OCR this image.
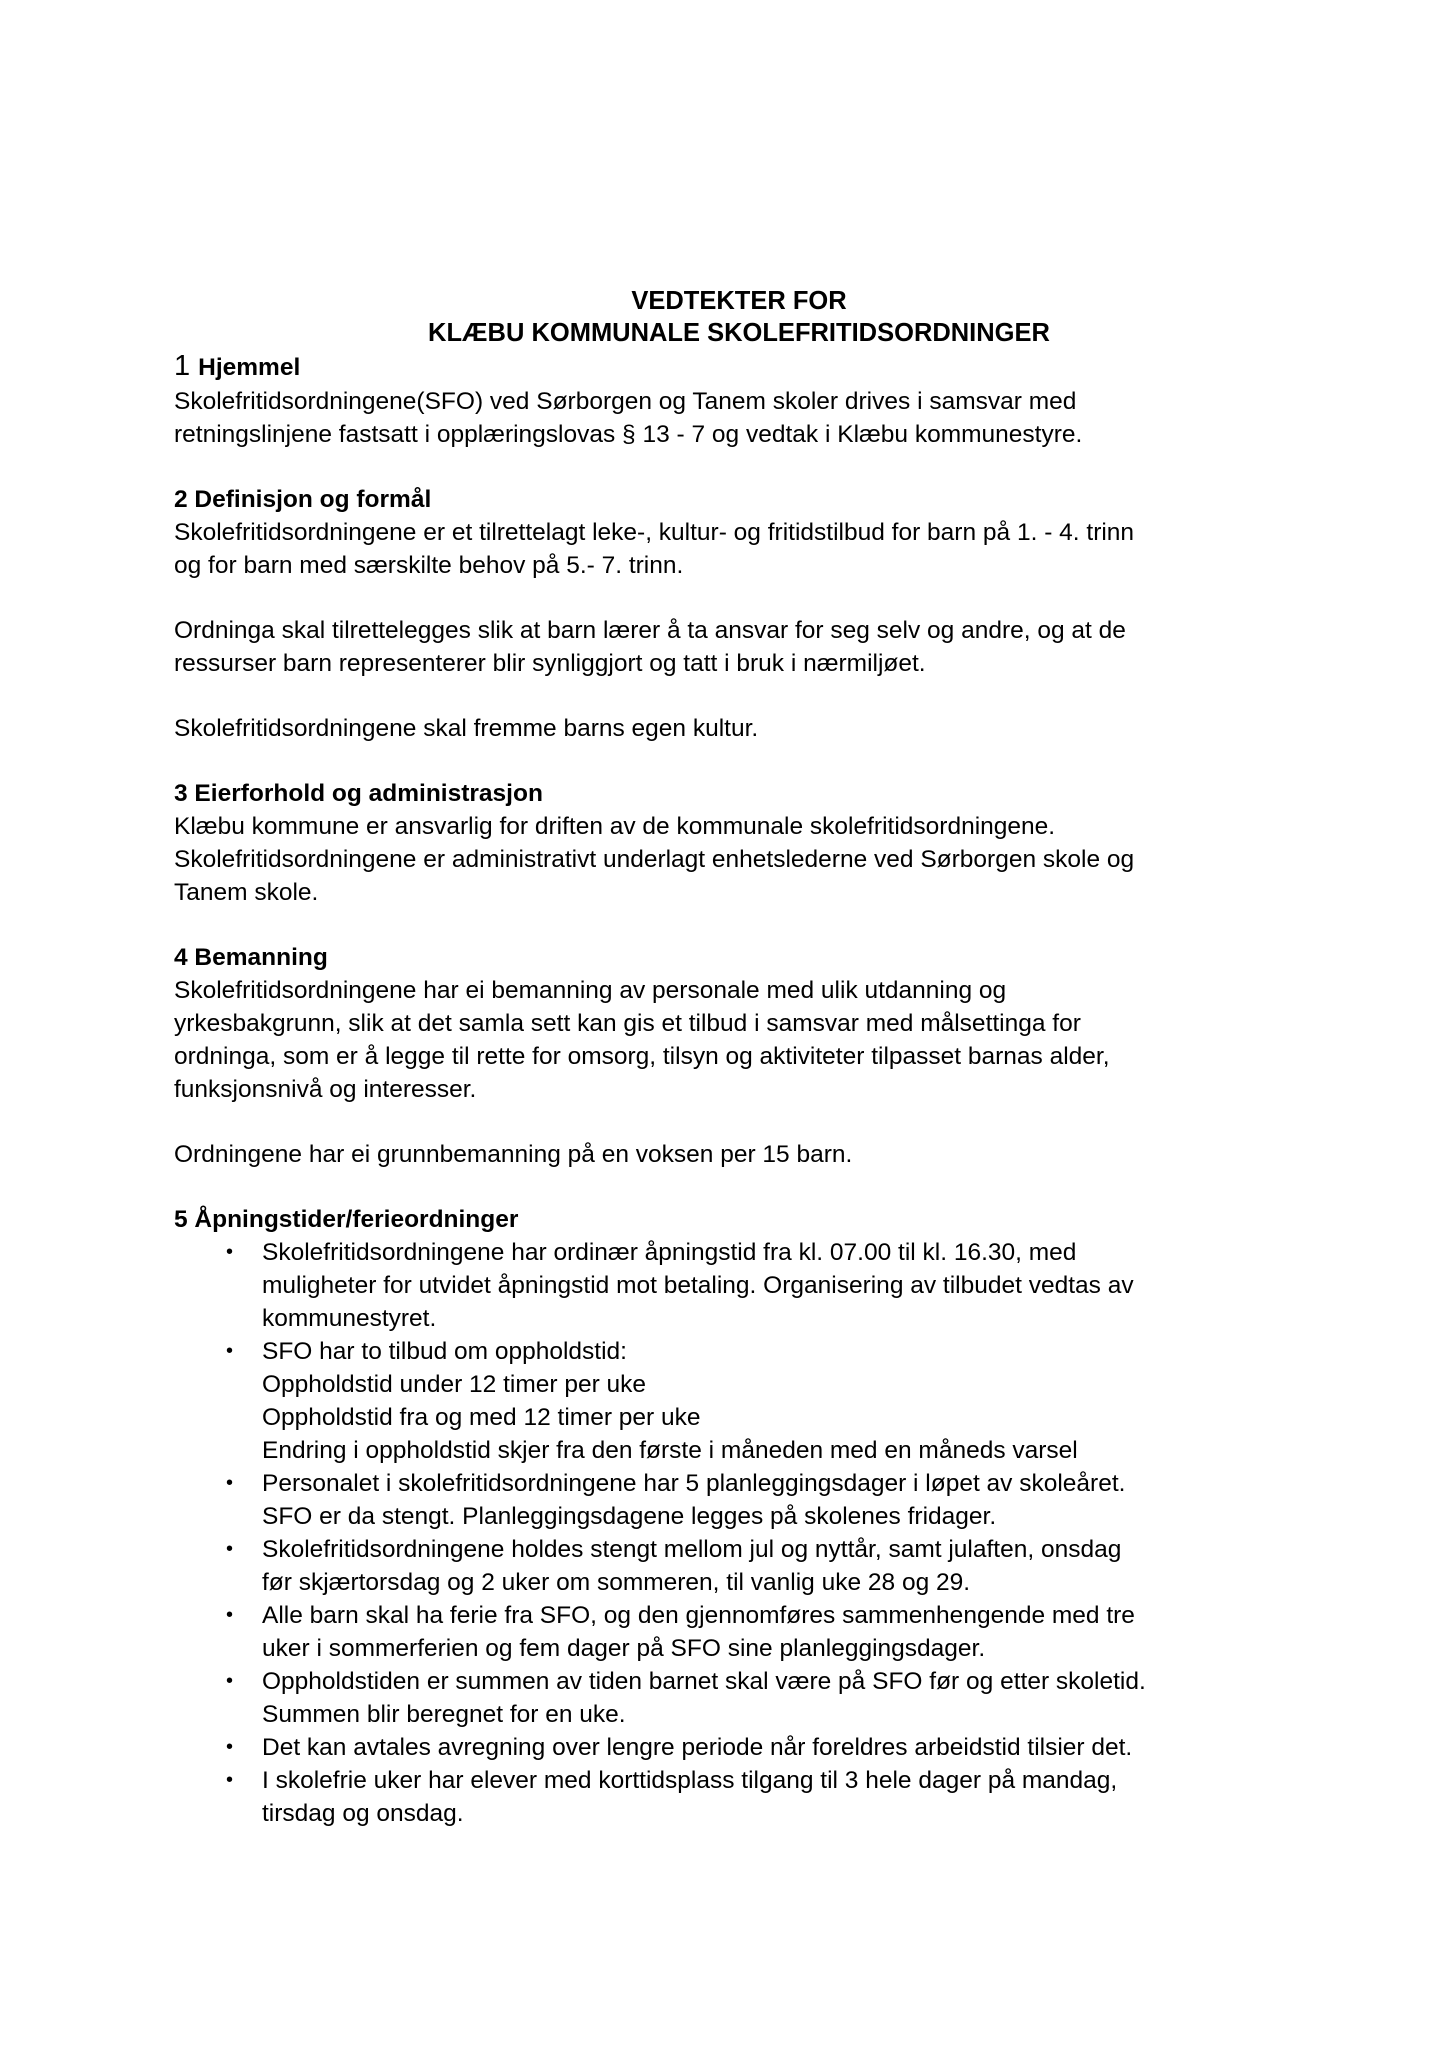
VEDTEKTER FOR
KLÆBU KOMMUNALE SKOLEFRITIDSORDNINGER
1 Hjemmel

Skolefritidsordningene(SFO) ved Sørborgen og Tanem skoler drives i samsvar med
retningslinjene fastsatt i opplæringslovas § 13 - 7 og vedtak i Klæbu kommunestyre.

2 Definisjon og formål

Skolefritidsordningene er et tilrettelagt leke-, kultur- og fritidstilbud for barn på 1. - 4. trinn
og for barn med særskilte behov på 5.- 7. trinn.

Ordninga skal tilrettelegges slik at barn lærer å ta ansvar for seg selv og andre, og at de
ressurser barn representerer blir synliggjort og tatt i bruk i nærmiljøet.

Skolefritidsordningene skal fremme barns egen kultur.

3 Eierforhold og administrasjon

Klæbu kommune er ansvarlig for driften av de kommunale skolefritidsordningene.
Skolefritidsordningene er administrativt underlagt enhetslederne ved Sørborgen skole og
Tanem skole.

4 Bemanning

Skolefritidsordningene har ei bemanning av personale med ulik utdanning og
yrkesbakgrunn, slik at det samla sett kan gis et tilbud i samsvar med målsettinga for
ordninga, som er å legge til rette for omsorg, tilsyn og aktiviteter tilpasset barnas alder,
funksjonsnivå og interesser.

Ordningene har ei grunnbemanning på en voksen per 15 barn.

5 Åpningstider/ferieordninger

• Skolefritidsordningene har ordinær åpningstid fra kl. 07.00 til kl. 16.30, med
muligheter for utvidet åpningstid mot betaling. Organisering av tilbudet vedtas av
kommunestyret.
• SFO har to tilbud om oppholdstid:
Oppholdstid under 12 timer per uke
Oppholdstid fra og med 12 timer per uke
Endring i oppholdstid skjer fra den første i måneden med en måneds varsel
• Personalet i skolefritidsordningene har 5 planleggingsdager i løpet av skoleåret.
SFO er da stengt. Planleggingsdagene legges på skolenes fridager.
• Skolefritidsordningene holdes stengt mellom jul og nyttår, samt julaften, onsdag
før skjærtorsdag og 2 uker om sommeren, til vanlig uke 28 og 29.
• Alle barn skal ha ferie fra SFO, og den gjennomføres sammenhengende med tre
uker i sommerferien og fem dager på SFO sine planleggingsdager.
• Oppholdstiden er summen av tiden barnet skal være på SFO før og etter skoletid.
Summen blir beregnet for en uke.
• Det kan avtales avregning over lengre periode når foreldres arbeidstid tilsier det.
• I skolefrie uker har elever med korttidsplass tilgang til 3 hele dager på mandag,
tirsdag og onsdag.
